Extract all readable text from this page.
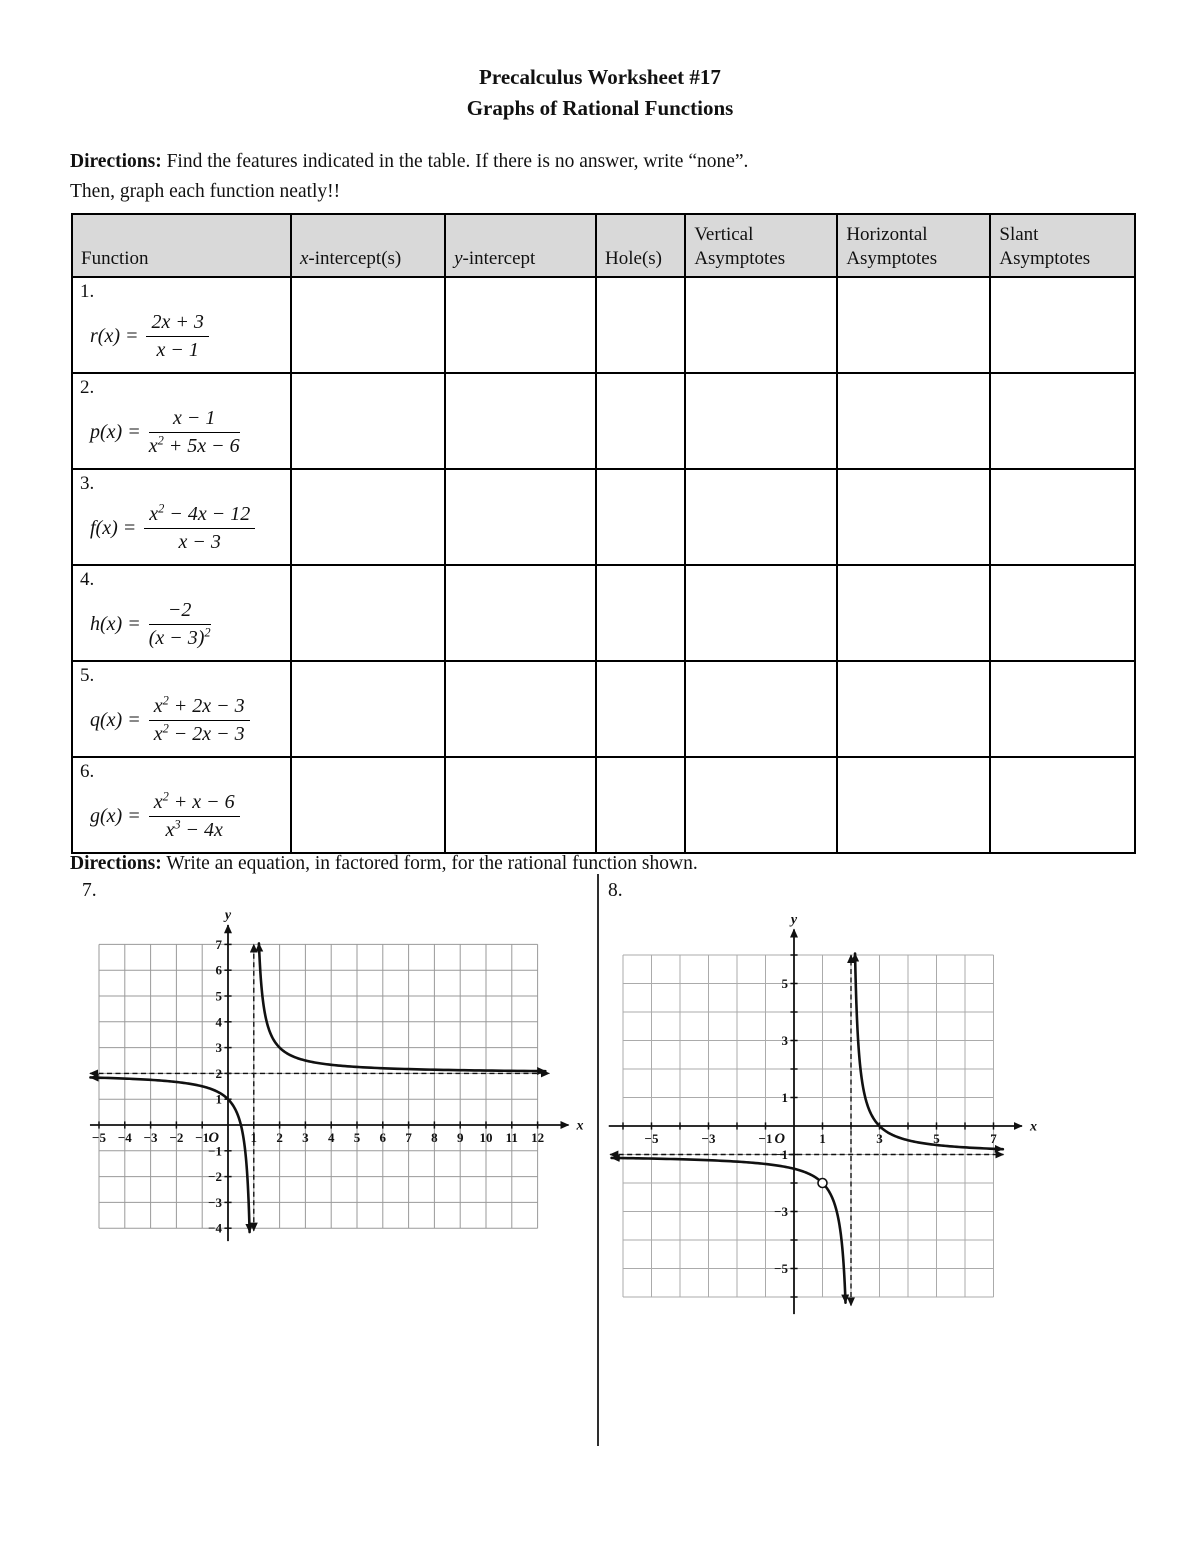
Precalculus Worksheet #17
Graphs of Rational Functions
Directions: Find the features indicated in the table. If there is no answer, write “none”.
Then, graph each function neatly!!
Function	x-intercept(s)	y-intercept	Hole(s)	Vertical Asymptotes	Horizontal Asymptotes	Slant Asymptotes

1.
$r(x) = \frac{2x + 3}{x - 1}$

2.
$p(x) = \frac{x - 1}{x^2 + 5x - 6}$

3.
$f(x) = \frac{x^2 - 4x - 12}{x - 3}$

4.
$h(x) = \frac{-2}{(x - 3)^2}$

5.
$q(x) = \frac{x^2 + 2x - 3}{x^2 - 2x - 3}$

6.
$g(x) = \frac{x^2 + x - 6}{x^3 - 4x}$

Directions: Write an equation, in factored form, for the rational function shown.
7.	8.
−5 −4 −3 −2 −1	1 2 3 4 5 6 7 8 9 10 11 12
−4
−3
−2
−1
1
2
3
4
5
6
7
O
x
y
−5	−3	−1	1	3	5	7
−5
−3
−1
1
3
5
O
x
y
